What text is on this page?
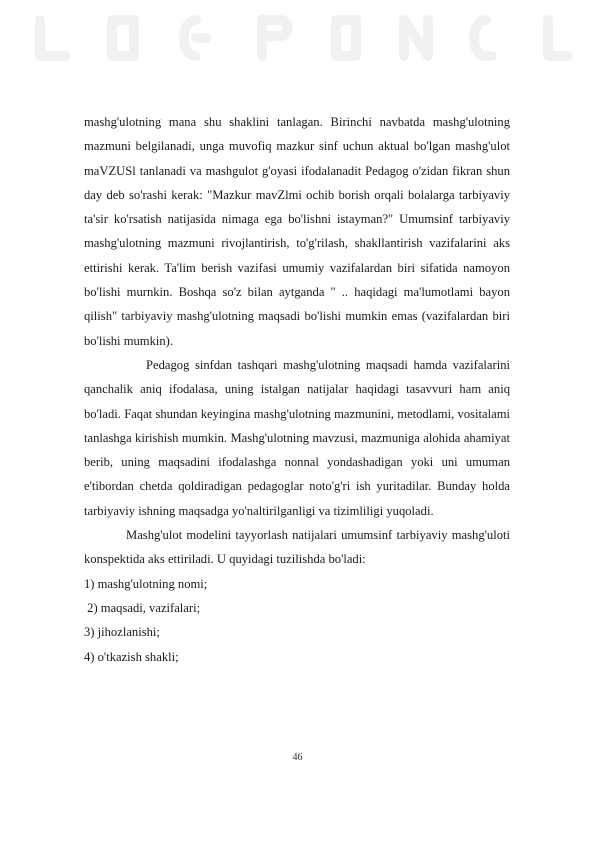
mashg'ulotning mana shu shaklini tanlagan. Birinchi navbatda mashg'ulotning mazmuni belgilanadi, unga muvofiq mazkur sinf uchun aktual bo'lgan mashg'ulot maVZUSl tanlanadi va mashgulot g'oyasi ifodalanadit Pedagog o'zidan fikran shun day deb so'rashi kerak: "Mazkur mavZlmi ochib borish orqali bolalarga tarbiyaviy ta'sir ko'rsatish natijasida nimaga ega bo'lishni istayman?" Umumsinf tarbiyaviy mashg'ulotning mazmuni rivojlantirish, to'g'rilash, shakllantirish vazifalarini aks ettirishi kerak. Ta'lim berish vazifasi umumiy vazifalardan biri sifatida namoyon bo'lishi murnkin. Boshqa so'z bilan aytganda " .. haqidagi ma'lumotlami bayon qilish" tarbiyaviy mashg'ulotning maqsadi bo'lishi mumkin emas (vazifalardan biri bo'lishi mumkin).

Pedagog sinfdan tashqari mashg'ulotning maqsadi hamda vazifalarini qanchalik aniq ifodalasa, uning istalgan natijalar haqidagi tasavvuri ham aniq bo'ladi. Faqat shundan keyingina mashg'ulotning mazmunini, metodlami, vositalami tanlashga kirishish mumkin. Mashg'ulotning mavzusi, mazmuniga alohida ahamiyat berib, uning maqsadini ifodalashga nonnal yondashadigan yoki uni umuman e'tibordan chetda qoldiradigan pedagoglar noto'g'ri ish yuritadilar. Bunday holda tarbiyaviy ishning maqsadga yo'naltirilganligi va tizimliligi yuqoladi.

Mashg'ulot modelini tayyorlash natijalari umumsinf tarbiyaviy mashg'uloti konspektida aks ettiriladi. U quyidagi tuzilishda bo'ladi:

1) mashg'ulotning nomi;

2) maqsadi, vazifalari;

3) jihozlanishi;

4) o'tkazish shakli;

46
